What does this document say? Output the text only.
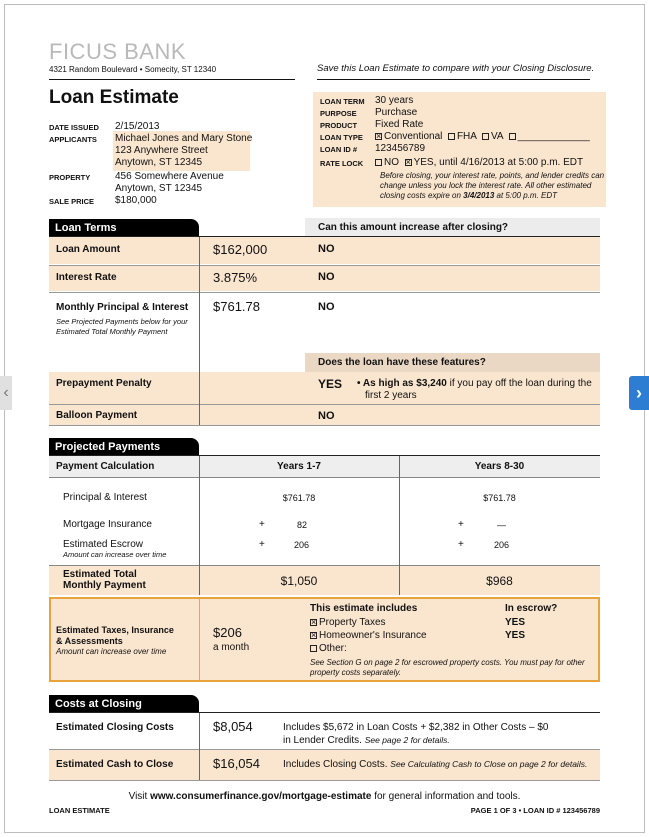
FICUS BANK
4321 Random Boulevard • Somecity, ST 12340	Save this Loan Estimate to compare with your Closing Disclosure.
Loan Estimate
DATE ISSUED 2/15/2013
APPLICANTS Michael Jones and Mary Stone
123 Anywhere Street
Anytown, ST 12345
PROPERTY 456 Somewhere Avenue
Anytown, ST 12345
SALE PRICE $180,000
LOAN TERM 30 years
PURPOSE Purchase
PRODUCT Fixed Rate
LOAN TYPE ×	Conventional FHA VA _____________
LOAN ID # 123456789
RATE LOCK	NO × YES, until 4/16/2013 at 5:00 p.m. EDT
Before closing, your interest rate, points, and lender credits can
change unless you lock the interest rate. All other estimated
closing costs expire on 3/4/2013 at 5:00 p.m. EDT
Loan Terms	Can this amount increase after closing?
Loan Amount	$162,000	NO
Interest Rate	3.875%	NO
Monthly Principal & Interest
See Projected Payments below for your
Estimated Total Monthly Payment
$761.78	NO
Does the loan have these features?
Prepayment Penalty	YES • As high as $3,240 if you pay off the loan during the
first 2 years
Balloon Payment	NO
Projected Payments
Payment Calculation	Years 1-7	Years 8-30
Principal & Interest	$761.78	$761.78
Mortgage Insurance	+	82	+	—
Estimated Escrow
Amount can increase over time
+	206	+	206
Estimated Total
Monthly Payment	$1,050	$968
Estimated Taxes, Insurance
& Assessments
Amount can increase over time
$206
a month
This estimate includes	In escrow?
×Property Taxes	YES
×Homeowner's Insurance	YES
Other:
See Section G on page 2 for escrowed property costs. You must pay for other
property costs separately.
Costs at Closing
Estimated Closing Costs	$8,054	Includes $5,672 in Loan Costs + $2,382 in Other Costs – $0
in Lender Credits. See page 2 for details.
Estimated Cash to Close	$16,054 Includes Closing Costs. See Calculating Cash to Close on page 2 for details.
Visit www.consumerfinance.gov/mortgage-estimate for general information and tools.
LOAN ESTIMATE	PAGE 1 OF 3 • LOAN ID # 123456789
‹	›
